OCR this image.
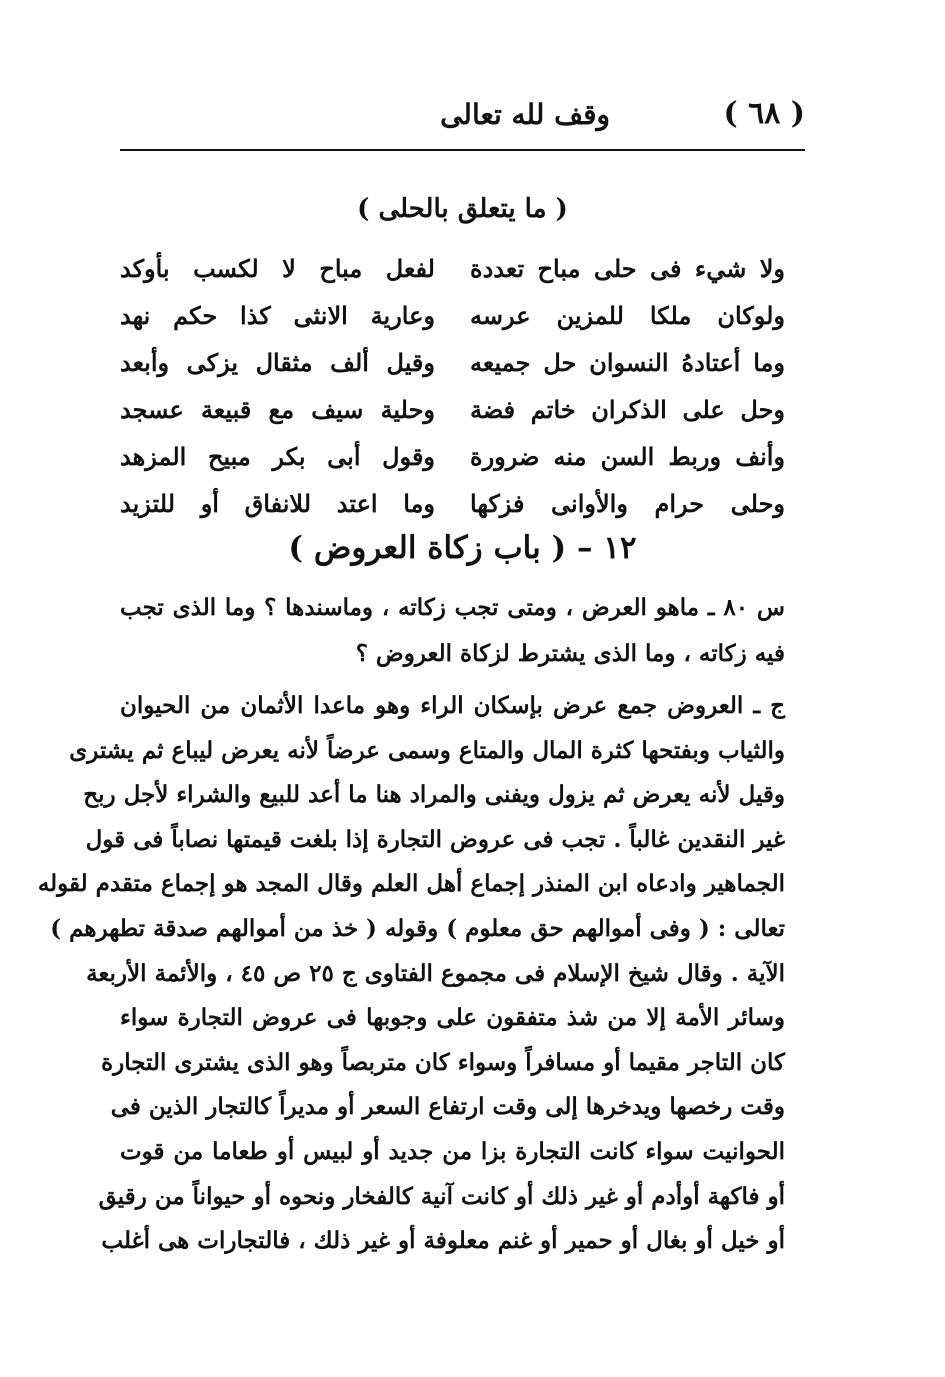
( ٦٨ )
وقف لله تعالى
( ما يتعلق بالحلى )
ولا شيء فى حلى مباح تعددة
لفعل مباح لا لكسب بأوكد
ولوكان ملكا للمزين عرسه
وعارية الانثى كذا حكم نهد
وما أعتادهُ النسوان حل جميعه
وقيل ألف مثقال يزكى وأبعد
وحل على الذكران خاتم فضة
وحلية سيف مع قبيعة عسجد
وأنف وربط السن منه ضرورة
وقول أبى بكر مبيح المزهد
وحلى حرام والأوانى فزكها
وما اعتد للانفاق أو للتزيد
١٢ – ( باب زكاة العروض )
س ٨٠ ـ ماهو العرض ، ومتى تجب زكاته ، وماسندها ؟ وما الذى تجب
فيه زكاته ، وما الذى يشترط لزكاة العروض ؟
ج ـ العروض جمع عرض بإسكان الراء وهو ماعدا الأثمان من الحيوان
والثياب وبفتحها كثرة المال والمتاع وسمى عرضاً لأنه يعرض ليباع ثم يشترى
وقيل لأنه يعرض ثم يزول ويفنى والمراد هنا ما أعد للبيع والشراء لأجل ربح
غير النقدين غالباً . تجب فى عروض التجارة إذا بلغت قيمتها نصاباً فى قول
الجماهير وادعاه ابن المنذر إجماع أهل العلم وقال المجد هو إجماع متقدم لقوله
تعالى : ( وفى أموالهم حق معلوم ) وقوله ( خذ من أموالهم صدقة تطهرهم )
الآية . وقال شيخ الإسلام فى مجموع الفتاوى ج ٢٥ ص ٤٥ ، والأئمة الأربعة
وسائر الأمة إلا من شذ متفقون على وجوبها فى عروض التجارة سواء
كان التاجر مقيما أو مسافراً وسواء كان متربصاً وهو الذى يشترى التجارة
وقت رخصها ويدخرها إلى وقت ارتفاع السعر أو مديراً كالتجار الذين فى
الحوانيت سواء كانت التجارة بزا من جديد أو لبيس أو طعاما من قوت
أو فاكهة أوأدم أو غير ذلك أو كانت آنية كالفخار ونحوه أو حيواناً من رقيق
أو خيل أو بغال أو حمير أو غنم معلوفة أو غير ذلك ، فالتجارات هى أغلب
